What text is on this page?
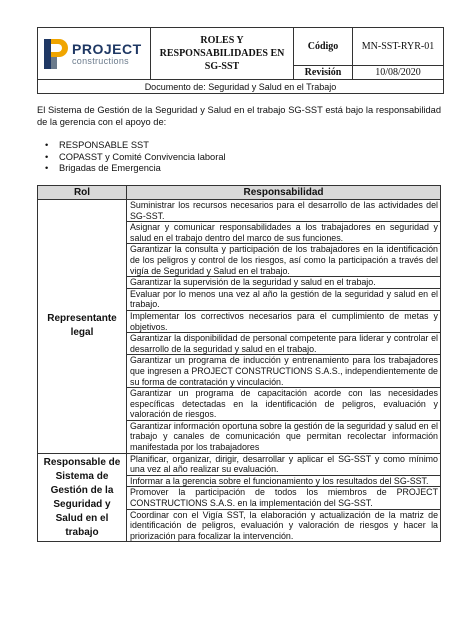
PROJECT
constructions	ROLES Y RESPONSABILIDADES EN SG-SST	Código	MN-SST-RYR-01
		Revisión	10/08/2020
Documento de: Seguridad y Salud en el Trabajo			

El Sistema de Gestión de la Seguridad y Salud en el trabajo SG-SST está bajo la responsabilidad de la gerencia con el apoyo de:

• RESPONSABLE SST
• COPASST y Comité Convivencia laboral
• Brigadas de Emergencia
Rol	Responsabilidad
Representante legal	Suministrar los recursos necesarios para el desarrollo de las actividades del SG-SST.
	Asignar y comunicar responsabilidades a los trabajadores en seguridad y salud en el trabajo dentro del marco de sus funciones.
	Garantizar la consulta y participación de los trabajadores en la identificación de los peligros y control de los riesgos, así como la participación a través del vigía de Seguridad y Salud en el trabajo.
	Garantizar la supervisión de la seguridad y salud en el trabajo.
	Evaluar por lo menos una vez al año la gestión de la seguridad y salud en el trabajo.
	Implementar los correctivos necesarios para el cumplimiento de metas y objetivos.
	Garantizar la disponibilidad de personal competente para liderar y controlar el desarrollo de la seguridad y salud en el trabajo.
	Garantizar un programa de inducción y entrenamiento para los trabajadores que ingresen a PROJECT CONSTRUCTIONS S.A.S., independientemente de su forma de contratación y vinculación.
	Garantizar un programa de capacitación acorde con las necesidades específicas detectadas en la identificación de peligros, evaluación y valoración de riesgos.
	Garantizar información oportuna sobre la gestión de la seguridad y salud en el trabajo y canales de comunicación que permitan recolectar información manifestada por los trabajadores
Responsable de Sistema de Gestión de la Seguridad y Salud en el trabajo	Planificar, organizar, dirigir, desarrollar y aplicar el SG-SST y como mínimo una vez al año realizar su evaluación.
	Informar a la gerencia sobre el funcionamiento y los resultados del SG-SST.
	Promover la participación de todos los miembros de PROJECT CONSTRUCTIONS S.A.S. en la implementación del SG-SST.
	Coordinar con el Vigía SST, la elaboración y actualización de la matriz de identificación de peligros, evaluación y valoración de riesgos y hacer la priorización para focalizar la intervención.
